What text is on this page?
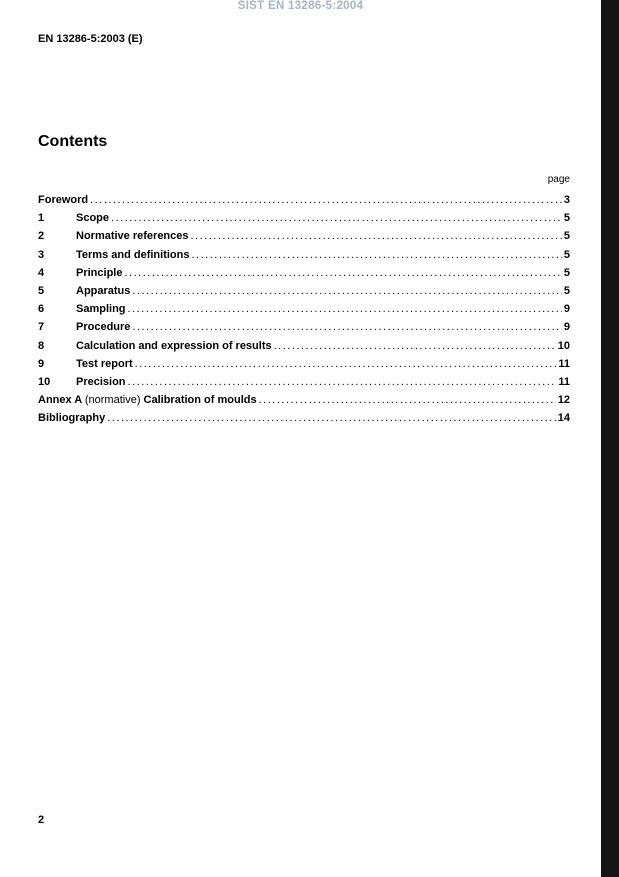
SIST EN 13286-5:2004
EN 13286-5:2003 (E)
Contents
page
Foreword .....	3
1	Scope .....	5
2	Normative references .....	5
3	Terms and definitions .....	5
4	Principle .....	5
5	Apparatus .....	5
6	Sampling .....	9
7	Procedure .....	9
8	Calculation and expression of results .....	10
9	Test report .....	11
10	Precision .....	11
Annex A (normative) Calibration of moulds .....	12
Bibliography .....	14
2
